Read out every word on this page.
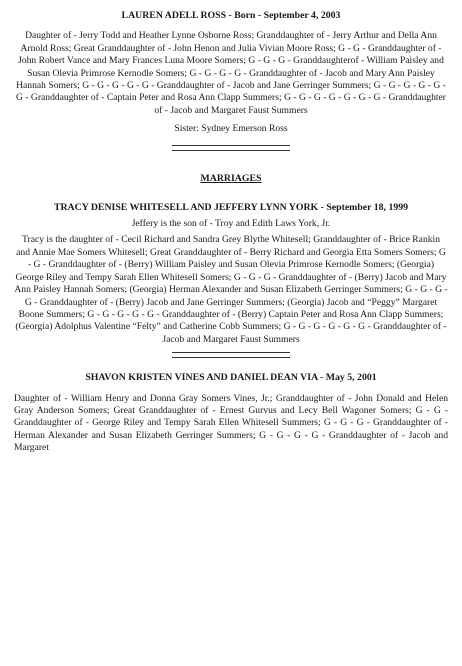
LAUREN ADELL ROSS - Born - September 4, 2003

Daughter of - Jerry Todd and Heather Lynne Osborne Ross; Granddaughter of - Jerry Arthur and Della Ann Arnold Ross; Great Granddaughter of - John Henon and Julia Vivian Moore Ross; G - G - Granddaughter of - John Robert Vance and Mary Frances Luna Moore Somers; G - G - G - Granddaughterof - William Paisley and Susan Olevia Primrose Kernodle Somers; G - G - G - G - Granddaughter of - Jacob and Mary Ann Paisley Hannah Somers; G - G - G - G - G - Granddaughter of - Jacob and Jane Gerringer Summers; G - G - G - G - G - G - Granddaughter of - Captain Peter and Rosa Ann Clapp Summers; G - G - G - G - G - G - G - Granddaughter of - Jacob and Margaret Faust Summers

Sister: Sydney Emerson Ross

MARRIAGES
TRACY DENISE WHITESELL AND JEFFERY LYNN YORK - September 18, 1999

Jeffery is the son of - Troy and Edith Laws York, Jr.

Tracy is the daughter of - Cecil Richard and Sandra Grey Blythe Whitesell; Granddaughter of - Brice Rankin and Annie Mae Somers Whitesell; Great Granddaughter of - Berry Richard and Georgia Etta Somers Somers; G - G - Granddaughter of - (Berry) William Paisley and Susan Olevia Primrose Kernodle Somers; (Georgia) George Riley and Tempy Sarah Ellen Whitesell Somers; G - G - G - Granddaughter of - (Berry) Jacob and Mary Ann Paisley Hannah Somers; (Georgia) Herman Alexander and Susan Elizabeth Gerringer Summers; G - G - G - G - Granddaughter of - (Berry) Jacob and Jane Gerringer Summers; (Georgia) Jacob and “Peggy” Margaret Boone Summers; G - G - G - G - G - Granddaughter of - (Berry) Captain Peter and Rosa Ann Clapp Summers; (Georgia) Adolphus Valentine “Felty” and Catherine Cobb Summers; G - G - G - G - G - G - Granddaughter of - Jacob and Margaret Faust Summers

SHAVON KRISTEN VINES AND DANIEL DEAN VIA - May 5, 2001

Daughter of - William Henry and Donna Gray Somers Vines, Jr.; Granddaughter of - John Donald and Helen Gray Anderson Somers; Great Granddaughter of - Ernest Gurvus and Lecy Bell Wagoner Somers; G - G - Granddaughter of - George Riley and Tempy Sarah Ellen Whitesell Summers; G - G - G - Granddaughter of - Herman Alexander and Susan Elizabeth Gerringer Summers; G - G - G - G - Granddaughter of - Jacob and Margaret
